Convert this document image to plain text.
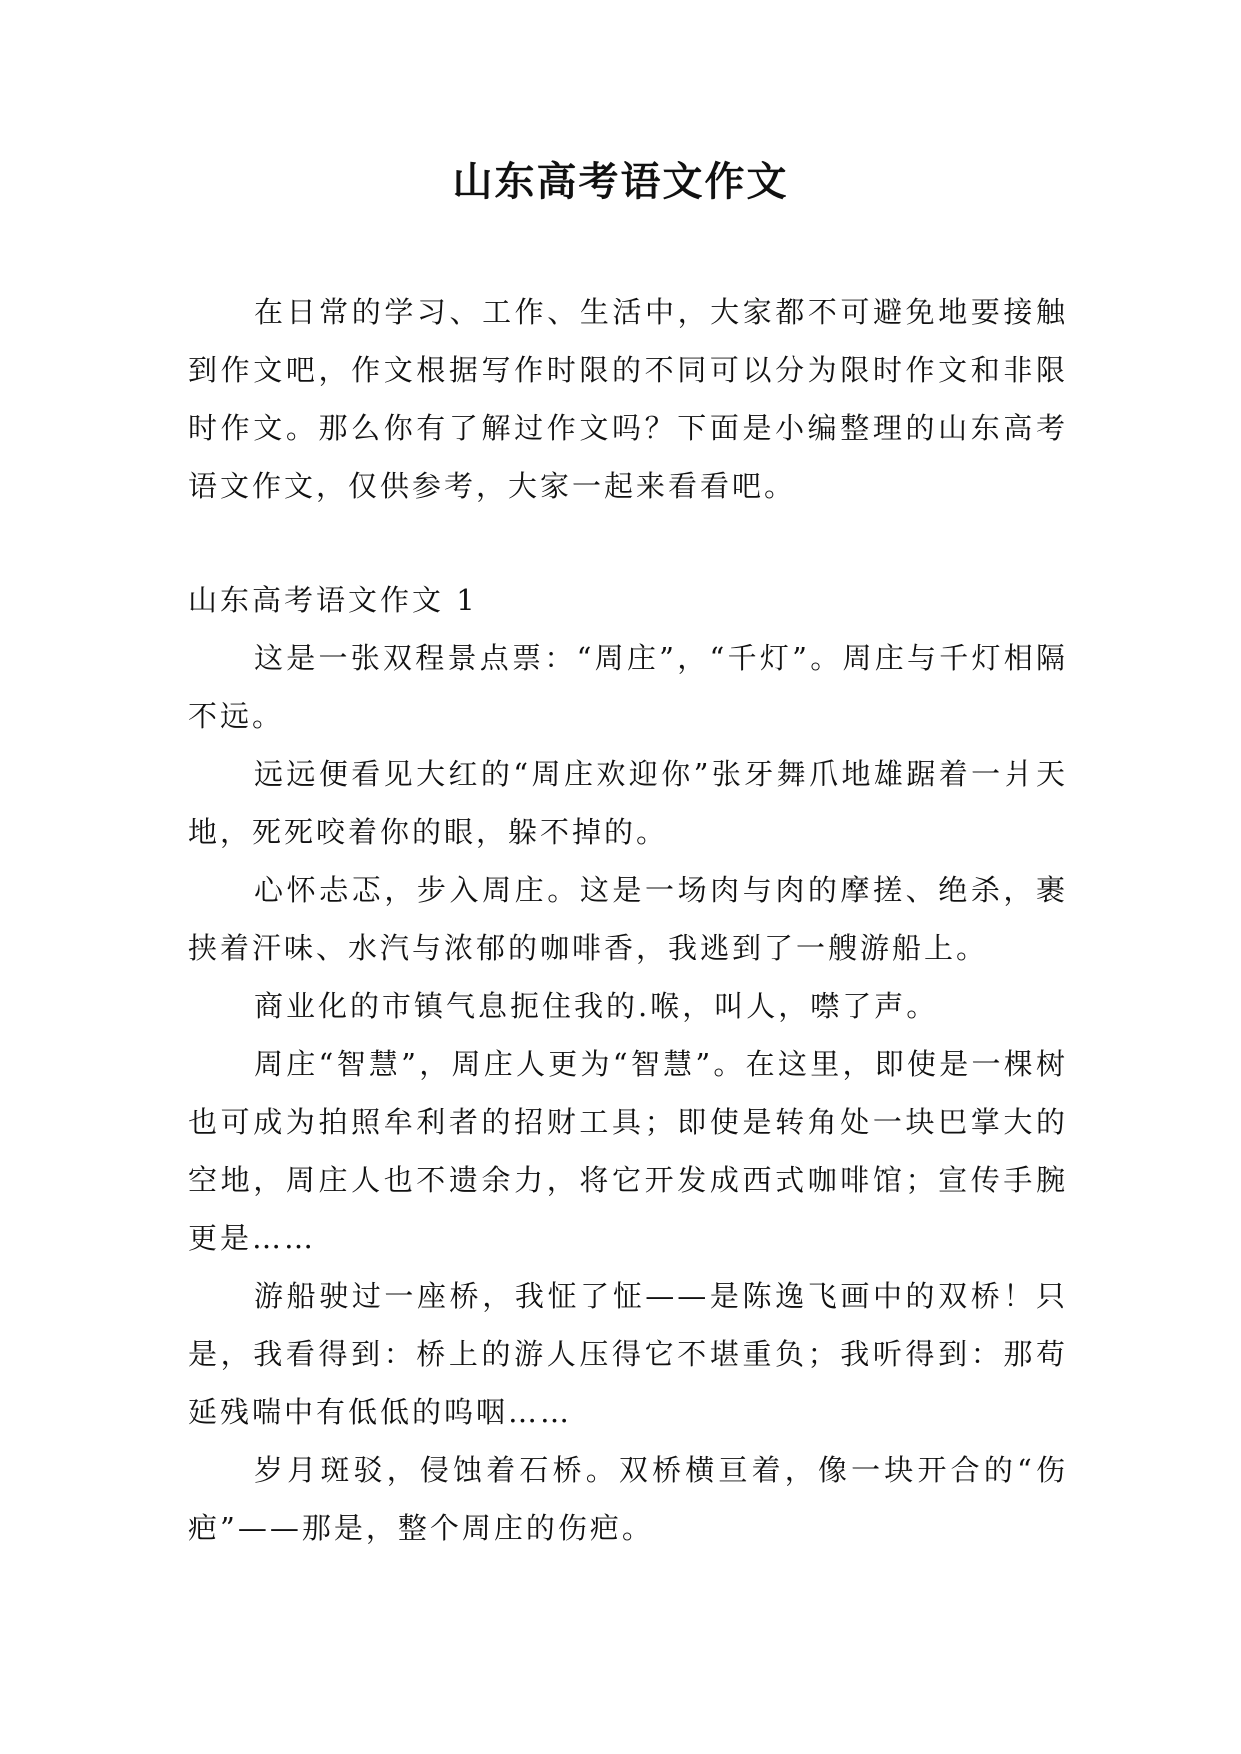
山东高考语文作文

在日常的学习、工作、生活中，大家都不可避免地要接触到作文吧，作文根据写作时限的不同可以分为限时作文和非限时作文。那么你有了解过作文吗？下面是小编整理的山东高考语文作文，仅供参考，大家一起来看看吧。

山东高考语文作文 1

这是一张双程景点票：“周庄”，“千灯”。周庄与千灯相隔不远。

远远便看见大红的“周庄欢迎你”张牙舞爪地雄踞着一爿天地，死死咬着你的眼，躲不掉的。

心怀忐忑，步入周庄。这是一场肉与肉的摩搓、绝杀，裹挟着汗味、水汽与浓郁的咖啡香，我逃到了一艘游船上。

商业化的市镇气息扼住我的.喉，叫人，噤了声。

周庄“智慧”，周庄人更为“智慧”。在这里，即使是一棵树也可成为拍照牟利者的招财工具；即使是转角处一块巴掌大的空地，周庄人也不遗余力，将它开发成西式咖啡馆；宣传手腕更是……

游船驶过一座桥，我怔了怔——是陈逸飞画中的双桥！只是，我看得到：桥上的游人压得它不堪重负；我听得到：那苟延残喘中有低低的呜咽……

岁月斑驳，侵蚀着石桥。双桥横亘着，像一块开合的“伤疤”——那是，整个周庄的伤疤。
